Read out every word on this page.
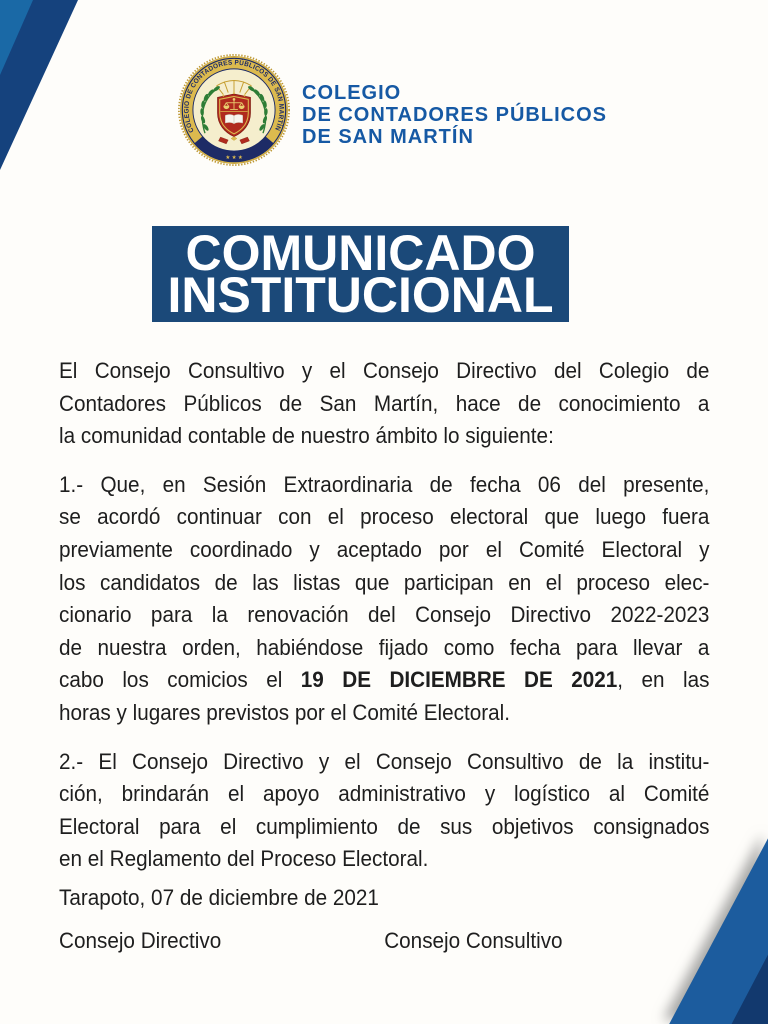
COLEGIO DE CONTADORES PÚBLICOS DE SAN MARTÍN
★ ★ ★
COLEGIO
DE CONTADORES PÚBLICOS
DE SAN MARTÍN
COMUNICADO
INSTITUCIONAL
El Consejo Consultivo y el Consejo Directivo del Colegio de
Contadores Públicos de San Martín, hace de conocimiento a
la comunidad contable de nuestro ámbito lo siguiente:
1.- Que, en Sesión Extraordinaria de fecha 06 del presente,
se acordó continuar con el proceso electoral que luego fuera
previamente coordinado y aceptado por el Comité Electoral y
los candidatos de las listas que participan en el proceso elec-
cionario para la renovación del Consejo Directivo 2022-2023
de nuestra orden, habiéndose fijado como fecha para llevar a
cabo los comicios el 19 DE DICIEMBRE DE 2021, en las
horas y lugares previstos por el Comité Electoral.
2.- El Consejo Directivo y el Consejo Consultivo de la institu-
ción, brindarán el apoyo administrativo y logístico al Comité
Electoral para el cumplimiento de sus objetivos consignados
en el Reglamento del Proceso Electoral.
Tarapoto, 07 de diciembre de 2021
Consejo Directivo	Consejo Consultivo
